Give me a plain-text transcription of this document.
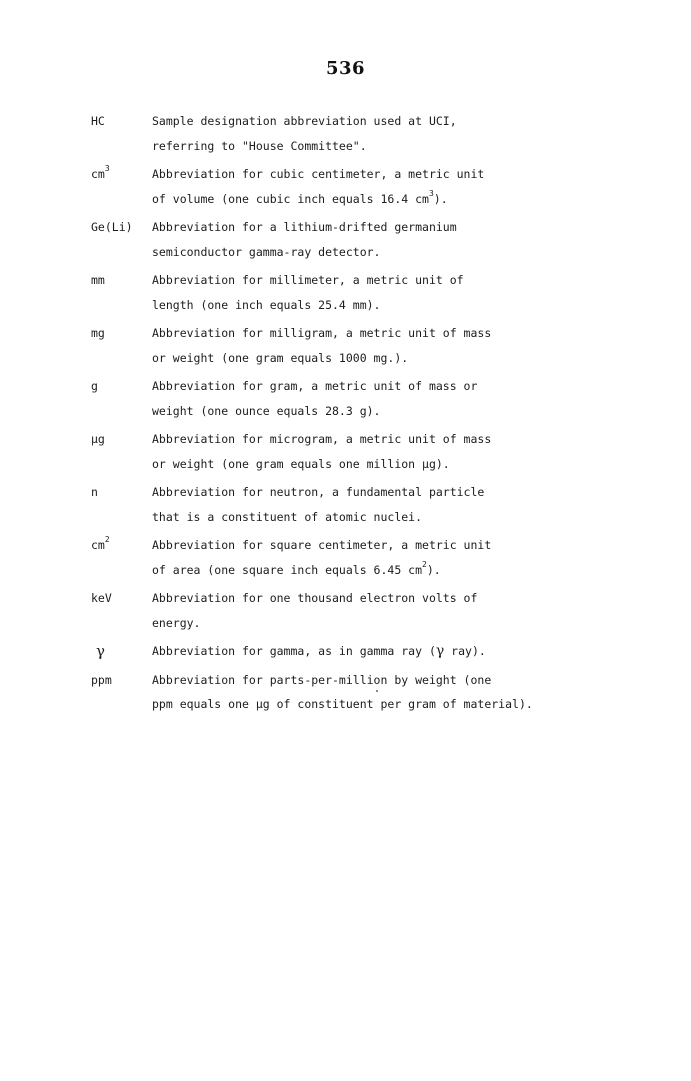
536
HC	Sample designation abbreviation used at UCI,
referring to "House Committee".
$cm^3$	Abbreviation for cubic centimeter, a metric unit
of volume (one cubic inch equals 16.4 $cm^3$).
Ge(Li) Abbreviation for a lithium-drifted germanium
semiconductor gamma-ray detector.
mm	Abbreviation for millimeter, a metric unit of
length (one inch equals 25.4 mm).
mg	Abbreviation for milligram, a metric unit of mass
or weight (one gram equals 1000 mg.).
g	Abbreviation for gram, a metric unit of mass or
weight (one ounce equals 28.3 g).
µg	Abbreviation for microgram, a metric unit of mass
or weight (one gram equals one million µg).
n	Abbreviation for neutron, a fundamental particle
that is a constituent of atomic nuclei.
$cm^2$	Abbreviation for square centimeter, a metric unit
of area (one square inch equals 6.45 $cm^2$).
keV	Abbreviation for one thousand electron volts of
energy.
γ	Abbreviation for gamma, as in gamma ray (γ ray).
ppm	Abbreviation for parts-per-million by weight (one
ppm equals one µg of constituent per gram of material).
